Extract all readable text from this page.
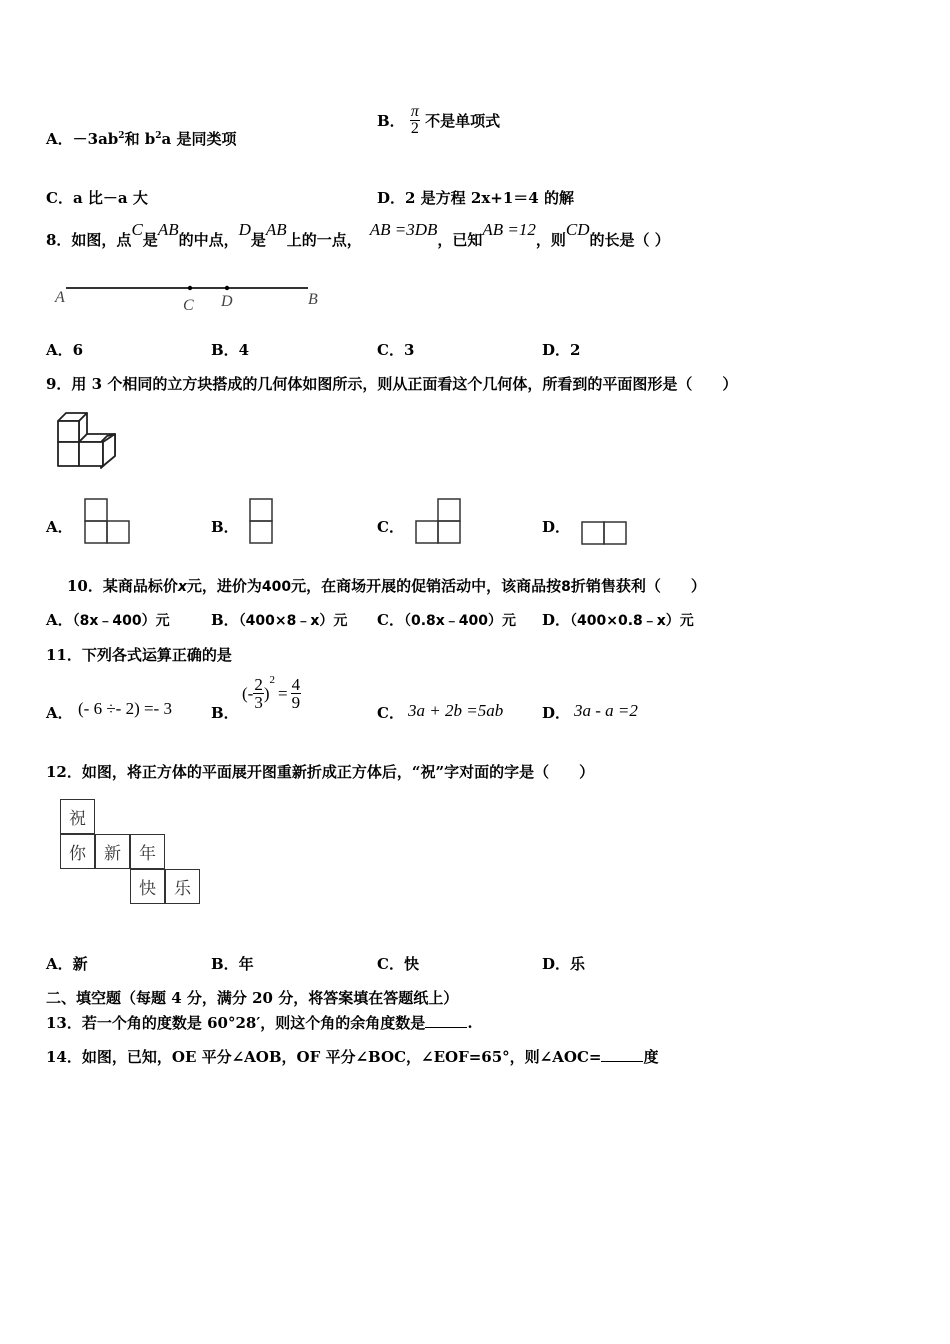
A．$-3ab^2$和 $b^2a$ 是同类项
B． $\frac{\pi}{2}$ 不是单项式
C．a 比－a 大	D．2 是方程 2x+1＝4 的解
8．如图，点C是AB的中点，D是AB上的一点，AB =3DB，已知AB =12，则CD的长是（ ）
A	C D	B
A．6	B．4	C．3	D．2
9．用 3 个相同的立方块搭成的几何体如图所示，则从正面看这个几何体，所看到的平面图形是（　　）
A．	B．	C．	D．
10．某商品标价x元，进价为400元，在商场开展的促销活动中，该商品按8折销售获利（　　）
A．（8x﹣400）元	B．（400×8﹣x）元 C．（0.8x﹣400）元 D．（400×0.8﹣x）元
11．下列各式运算正确的是
A． (- 6 ÷- 2) =- 3	B．
(- $\frac{2}{3} )^2= \frac{4}{9}$
C． 3a + 2b =5ab	D． 3a - a =2
12．如图，将正方体的平面展开图重新折成正方体后，“祝”字对面的字是（　　）
祝
你	新	年
快	乐
A．新	B．年	C．快	D．乐
二、填空题（每题 4 分，满分 20 分，将答案填在答题纸上）
13．若一个角的度数是 60°28′，则这个角的余角度数是	.
14．如图，已知，OE 平分∠AOB，OF 平分∠BOC，∠EOF=65°，则∠AOC=	度
